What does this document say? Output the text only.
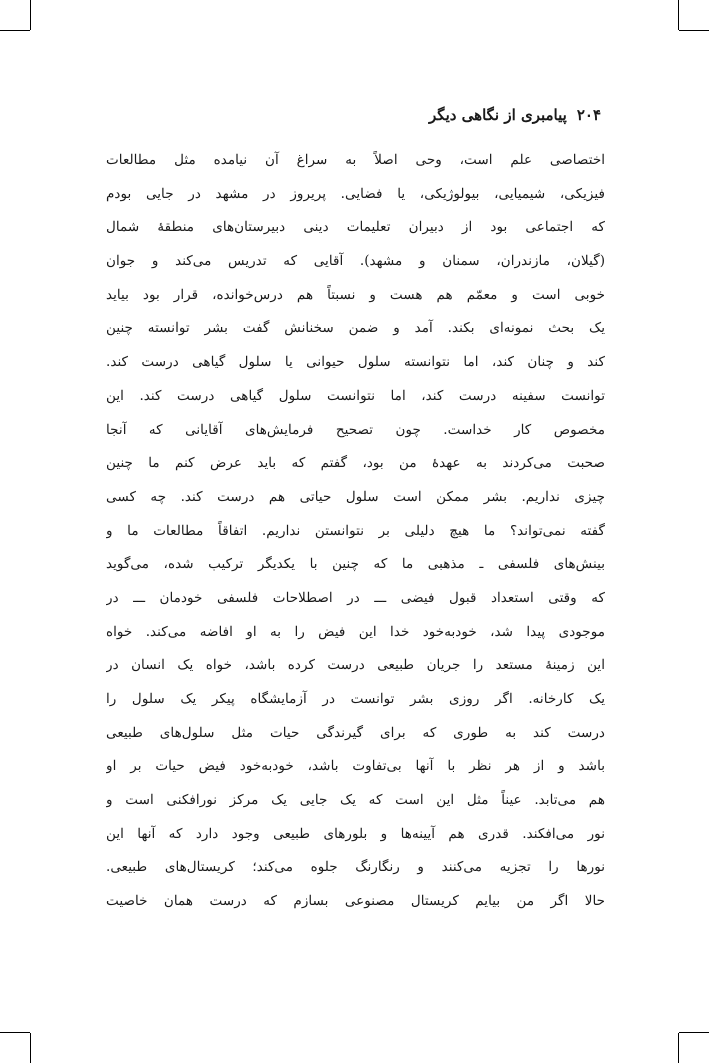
۲۰۴
پیامبری از نگاهی دیگر
اختصاصی علم است، وحی اصلاً به سراغ آن نیامده مثل مطالعات
فیزیکی، شیمیایی، بیولوژیکی، یا فضایی. پریروز در مشهد در جایی بودم
که اجتماعی بود از دبیران تعلیمات دینی دبیرستان‌های منطقهٔ شمال
(گیلان، مازندران، سمنان و مشهد). آقایی که تدریس می‌کند و جوان
خوبی است و معمّم هم هست و نسبتاً هم درس‌خوانده، قرار بود بیاید
یک بحث نمونه‌ای بکند. آمد و ضمن سخنانش گفت بشر توانسته چنین
کند و چنان کند، اما نتوانسته سلول حیوانی یا سلول گیاهی درست کند.
توانست سفینه درست کند، اما نتوانست سلول گیاهی درست کند. این
مخصوص کار خداست. چون تصحیح فرمایش‌های آقایانی که آنجا
صحبت می‌کردند به عهدهٔ من بود، گفتم که باید عرض کنم ما چنین
چیزی نداریم. بشر ممکن است سلول حیاتی هم درست کند. چه کسی
گفته نمی‌تواند؟ ما هیچ دلیلی بر نتوانستن نداریم. اتفاقاً مطالعات ما و
بینش‌های فلسفی ـ مذهبی ما که چنین با یکدیگر ترکیب شده، می‌گوید
که وقتی استعداد قبول فیضی ـــ در اصطلاحات فلسفی خودمان ـــ در
موجودی پیدا شد، خودبه‌خود خدا این فیض را به او افاضه می‌کند. خواه
این زمینهٔ مستعد را جریان طبیعی درست کرده باشد، خواه یک انسان در
یک کارخانه. اگر روزی بشر توانست در آزمایشگاه پیکر یک سلول را
درست کند به طوری که برای گیرندگی حیات مثل سلول‌های طبیعی
باشد و از هر نظر با آنها بی‌تفاوت باشد، خودبه‌خود فیض حیات بر او
هم می‌تابد. عیناً مثل این است که یک جایی یک مرکز نورافکنی است و
نور می‌افکند. قدری هم آیینه‌ها و بلورهای طبیعی وجود دارد که آنها این
نورها را تجزیه می‌کنند و رنگارنگ جلوه می‌کند؛ کریستال‌های طبیعی.
حالا اگر من بیایم کریستال مصنوعی بسازم که درست همان خاصیت
